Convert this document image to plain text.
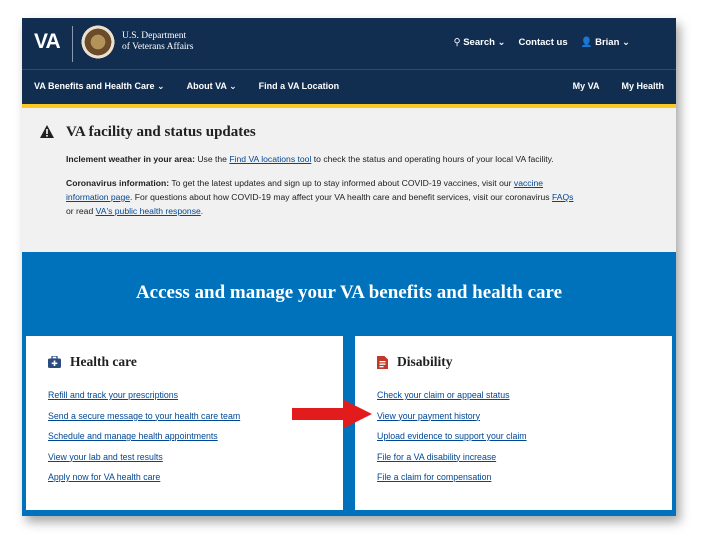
VA	U.S. Department
of Veterans Affairs	⚲ Search ⌄ Contact us 👤 Brian ⌄
VA Benefits and Health Care ⌄ About VA ⌄ Find a VA Location	My VA My Health
VA facility and status updates
Inclement weather in your area: Use the Find VA locations tool to check the status and operating hours of your local VA facility.
Coronavirus information: To get the latest updates and sign up to stay informed about COVID-19 vaccines, visit our vaccine
information page. For questions about how COVID-19 may affect your VA health care and benefit services, visit our coronavirus FAQs
or read VA's public health response.
Access and manage your VA benefits and health care
Health care
Refill and track your prescriptions
Send a secure message to your health care team
Schedule and manage health appointments
View your lab and test results
Apply now for VA health care
Disability
Check your claim or appeal status
View your payment history
Upload evidence to support your claim
File for a VA disability increase
File a claim for compensation
